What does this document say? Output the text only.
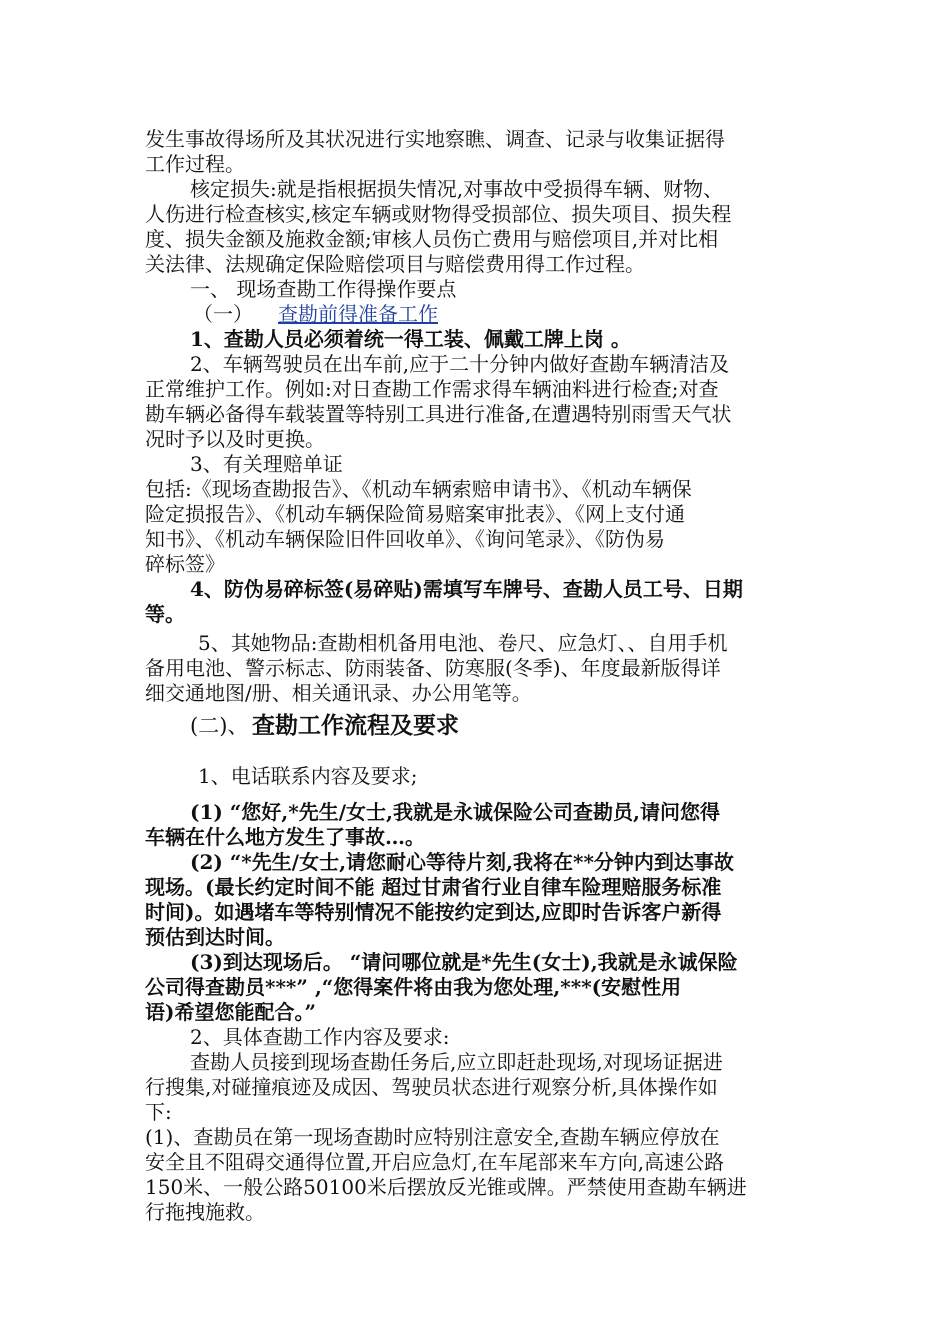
发生事故得场所及其状况进行实地察瞧、调查、记录与收集证据得
工作过程。
核定损失:就是指根据损失情况,对事故中受损得车辆、财物、
人伤进行检查核实,核定车辆或财物得受损部位、损失项目、损失程
度、损失金额及施救金额;审核人员伤亡费用与赔偿项目,并对比相
关法律、法规确定保险赔偿项目与赔偿费用得工作过程。
一、 现场查勘工作得操作要点
（一） 查勘前得准备工作
1、查勘人员必须着统一得工装、佩戴工牌上岗 。
2、车辆驾驶员在出车前,应于二十分钟内做好查勘车辆清洁及
正常维护工作。例如:对日查勘工作需求得车辆油料进行检查;对查
勘车辆必备得车载装置等特别工具进行准备,在遭遇特别雨雪天气状
况时予以及时更换。
3、有关理赔单证
包括:《现场查勘报告》、《机动车辆索赔申请书》、《机动车辆保
险定损报告》、《机动车辆保险简易赔案审批表》、《网上支付通
知书》、《机动车辆保险旧件回收单》、《询问笔录》、《防伪易
碎标签》
4、防伪易碎标签(易碎贴)需填写车牌号、查勘人员工号、日期
等。
5、其她物品:查勘相机备用电池、卷尺、应急灯、、自用手机
备用电池、警示标志、防雨装备、防寒服(冬季)、年度最新版得详
细交通地图/册、相关通讯录、办公用笔等。
(二)、 查勘工作流程及要求
1、电话联系内容及要求;
(1) “您好,*先生/女士,我就是永诚保险公司查勘员,请问您得
车辆在什么地方发生了事故…。
(2) “*先生/女士,请您耐心等待片刻,我将在**分钟内到达事故
现场。(最长约定时间不能 超过甘肃省行业自律车险理赔服务标准
时间)。如遇堵车等特别情况不能按约定到达,应即时告诉客户新得
预估到达时间。
(3)到达现场后。 “请问哪位就是*先生(女士),我就是永诚保险
公司得查勘员***” ,“您得案件将由我为您处理,***(安慰性用
语)希望您能配合。”
2、具体查勘工作内容及要求:
查勘人员接到现场查勘任务后,应立即赶赴现场,对现场证据进
行搜集,对碰撞痕迹及成因、驾驶员状态进行观察分析,具体操作如
下:
(1)、查勘员在第一现场查勘时应特别注意安全,查勘车辆应停放在
安全且不阻碍交通得位置,开启应急灯,在车尾部来车方向,高速公路
150米、一般公路50100米后摆放反光锥或牌。严禁使用查勘车辆进
行拖拽施救。
